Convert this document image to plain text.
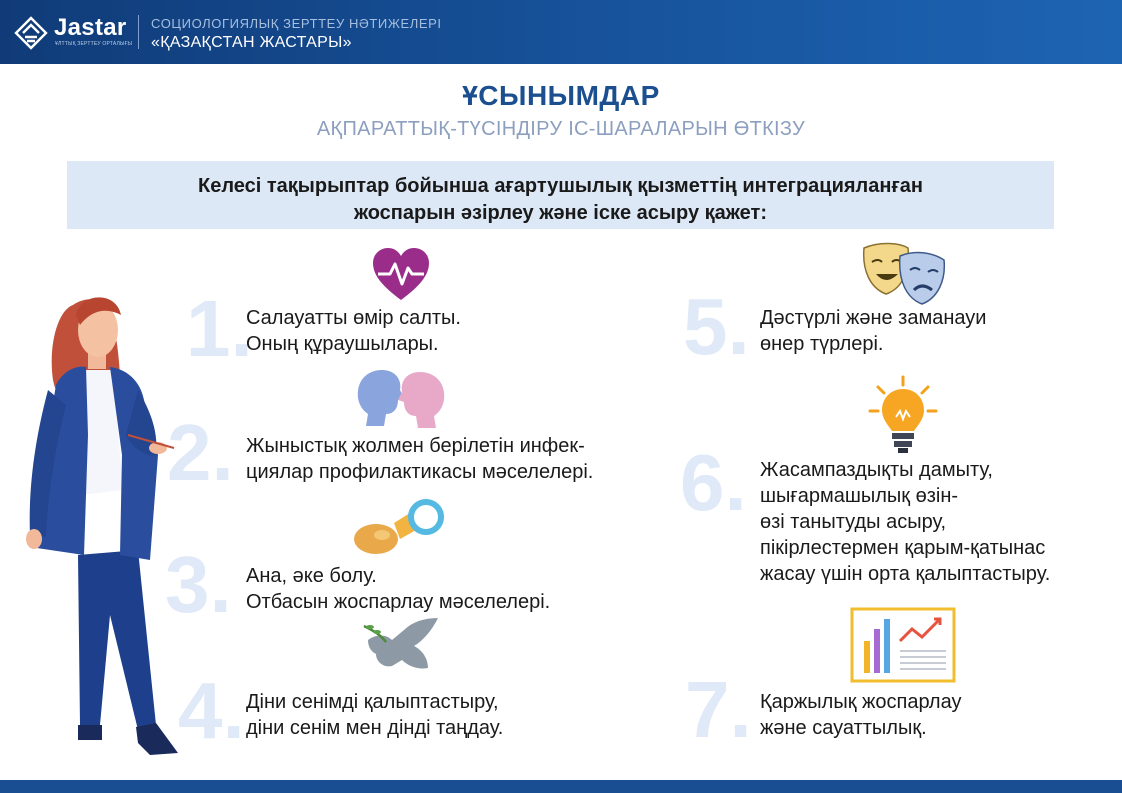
Jastar
ҰЛТТЫҚ ЗЕРТТЕУ ОРТАЛЫҒЫ
СОЦИОЛОГИЯЛЫҚ ЗЕРТТЕУ НӘТИЖЕЛЕРІ
«ҚАЗАҚСТАН ЖАСТАРЫ»
ҰСЫНЫМДАР
АҚПАРАТТЫҚ-ТҮСІНДІРУ ІС-ШАРАЛАРЫН ӨТКІЗУ
Келесі тақырыптар бойынша ағартушылық қызметтің интеграцияланған
жоспарын әзірлеу және іске асыру қажет:
1.
Салауатты өмір салты.
Оның құраушылары.
2. Жыныстық жолмен берілетін инфек-
циялар профилактикасы мәселелері.
3. Ана, әке болу.
Отбасын жоспарлау мәселелері.
4. Діни сенімді қалыптастыру,
діни сенім мен дінді таңдау.
5. Дәстүрлі және заманауи
өнер түрлері.
6. Жасампаздықты дамыту,
шығармашылық өзін-
өзі танытуды асыру,
пікірлестермен қарым-қатынас
жасау үшін орта қалыптастыру.
7. Қаржылық жоспарлау
және сауаттылық.
